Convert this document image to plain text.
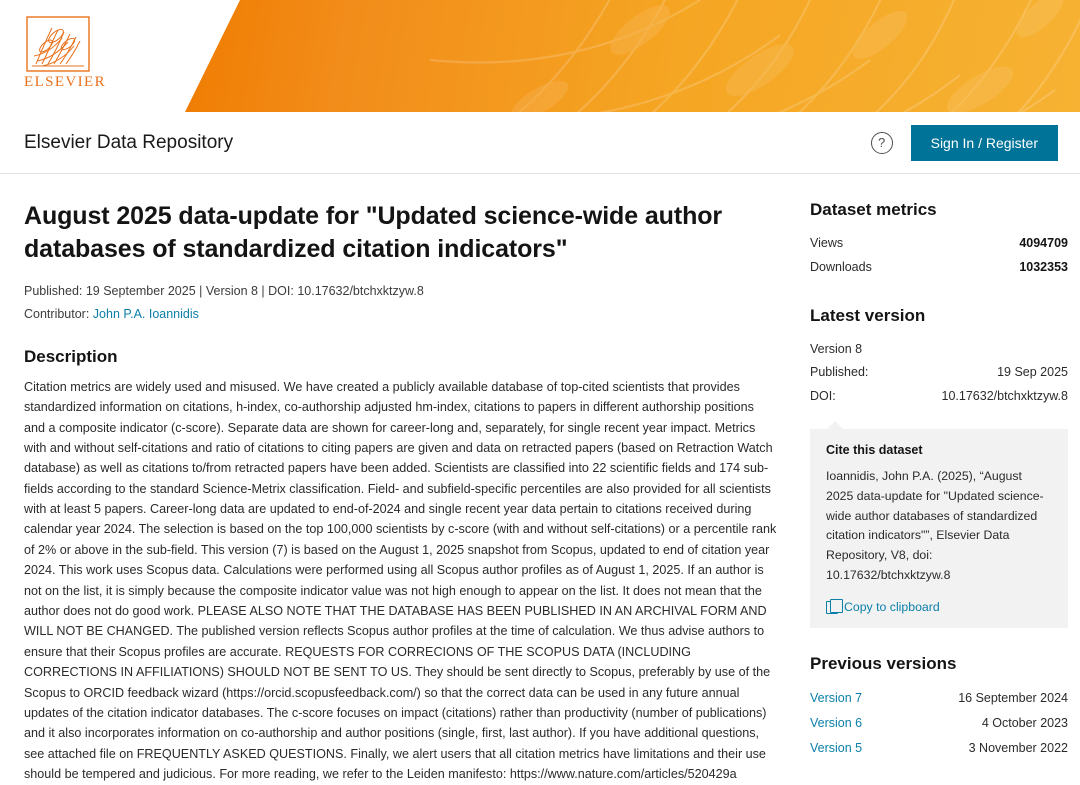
ELSEVIER
Elsevier Data Repository	?	Sign In / Register
August 2025 data-update for "Updated science-wide author databases of standardized citation indicators"
Published: 19 September 2025 | Version 8 | DOI: 10.17632/btchxktzyw.8
Contributor: John P.A. Ioannidis
Description
Citation metrics are widely used and misused. We have created a publicly available database of top-cited scientists that provides standardized information on citations, h-index, co-authorship adjusted hm-index, citations to papers in different authorship positions and a composite indicator (c-score). Separate data are shown for career-long and, separately, for single recent year impact. Metrics with and without self-citations and ratio of citations to citing papers are given and data on retracted papers (based on Retraction Watch database) as well as citations to/from retracted papers have been added. Scientists are classified into 22 scientific fields and 174 sub-fields according to the standard Science-Metrix classification. Field- and subfield-specific percentiles are also provided for all scientists with at least 5 papers. Career-long data are updated to end-of-2024 and single recent year data pertain to citations received during calendar year 2024. The selection is based on the top 100,000 scientists by c-score (with and without self-citations) or a percentile rank of 2% or above in the sub-field. This version (7) is based on the August 1, 2025 snapshot from Scopus, updated to end of citation year 2024. This work uses Scopus data. Calculations were performed using all Scopus author profiles as of August 1, 2025. If an author is not on the list, it is simply because the composite indicator value was not high enough to appear on the list. It does not mean that the author does not do good work. PLEASE ALSO NOTE THAT THE DATABASE HAS BEEN PUBLISHED IN AN ARCHIVAL FORM AND WILL NOT BE CHANGED. The published version reflects Scopus author profiles at the time of calculation. We thus advise authors to ensure that their Scopus profiles are accurate. REQUESTS FOR CORRECIONS OF THE SCOPUS DATA (INCLUDING CORRECTIONS IN AFFILIATIONS) SHOULD NOT BE SENT TO US. They should be sent directly to Scopus, preferably by use of the Scopus to ORCID feedback wizard (https://orcid.scopusfeedback.com/) so that the correct data can be used in any future annual updates of the citation indicator databases. The c-score focuses on impact (citations) rather than productivity (number of publications) and it also incorporates information on co-authorship and author positions (single, first, last author). If you have additional questions, see attached file on FREQUENTLY ASKED QUESTIONS. Finally, we alert users that all citation metrics have limitations and their use should be tempered and judicious. For more reading, we refer to the Leiden manifesto: https://www.nature.com/articles/520429a
Dataset metrics
Views	4094709
Downloads	1032353
Latest version
Version 8
Published:	19 Sep 2025
DOI:	10.17632/btchxktzyw.8
Cite this dataset
Ioannidis, John P.A. (2025), “August 2025 data-update for "Updated science-wide author databases of standardized citation indicators"”, Elsevier Data Repository, V8, doi: 10.17632/btchxktzyw.8
Copy to clipboard
Previous versions
Version 7	16 September 2024
Version 6	4 October 2023
Version 5	3 November 2022
